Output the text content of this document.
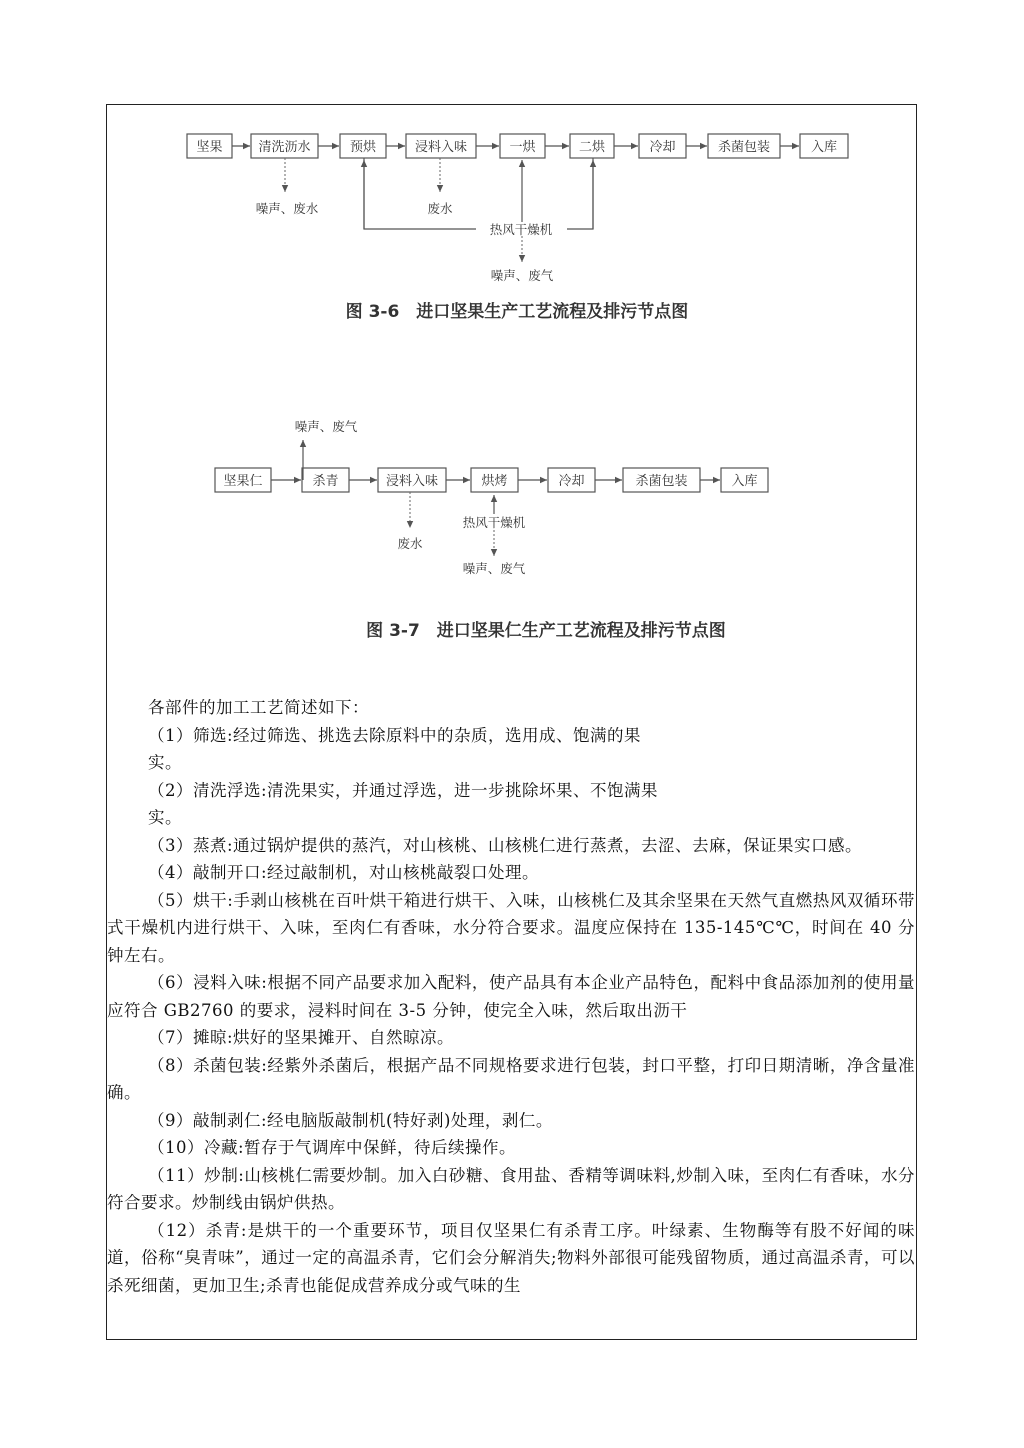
坚果	清洗沥水	预烘	浸料入味	一烘	二烘	冷却	杀菌包装	入库
噪声、废水	废水
热风干燥机
噪声、废气
图 3-6　进口坚果生产工艺流程及排污节点图
坚果仁	杀青	浸料入味	烘烤	冷却	杀菌包装	入库
噪声、废气
废水
热风干燥机
噪声、废气
图 3-7　进口坚果仁生产工艺流程及排污节点图

各部件的加工工艺简述如下：

（1）筛选:经过筛选、挑选去除原料中的杂质，选用成、饱满的果

实。

（2）清洗浮选:清洗果实，并通过浮选，进一步挑除坏果、不饱满果

实。

（3）蒸煮:通过锅炉提供的蒸汽，对山核桃、山核桃仁进行蒸煮，去涩、去麻，保证果实口感。

（4）敲制开口:经过敲制机，对山核桃敲裂口处理。

（5）烘干:手剥山核桃在百叶烘干箱进行烘干、入味，山核桃仁及其余坚果在天然气直燃热风双循环带式干燥机内进行烘干、入味，至肉仁有香味，水分符合要求。温度应保持在 135-145℃℃，时间在 40 分钟左右。

（6）浸料入味:根据不同产品要求加入配料，使产品具有本企业产品特色，配料中食品添加剂的使用量应符合 GB2760 的要求，浸料时间在 3-5 分钟，使完全入味，然后取出沥干

（7）摊晾:烘好的坚果摊开、自然晾凉。

（8）杀菌包装:经紫外杀菌后，根据产品不同规格要求进行包装，封口平整，打印日期清晰，净含量准确。

（9）敲制剥仁:经电脑版敲制机(特好剥)处理，剥仁。

（10）冷藏:暂存于气调库中保鲜，待后续操作。

（11）炒制:山核桃仁需要炒制。加入白砂糖、食用盐、香精等调味料,炒制入味，至肉仁有香味，水分符合要求。炒制线由锅炉供热。

（12）杀青:是烘干的一个重要环节，项目仅坚果仁有杀青工序。叶绿素、生物酶等有股不好闻的味道，俗称“臭青味”，通过一定的高温杀青，它们会分解消失;物料外部很可能残留物质，通过高温杀青，可以杀死细菌，更加卫生;杀青也能促成营养成分或气味的生
